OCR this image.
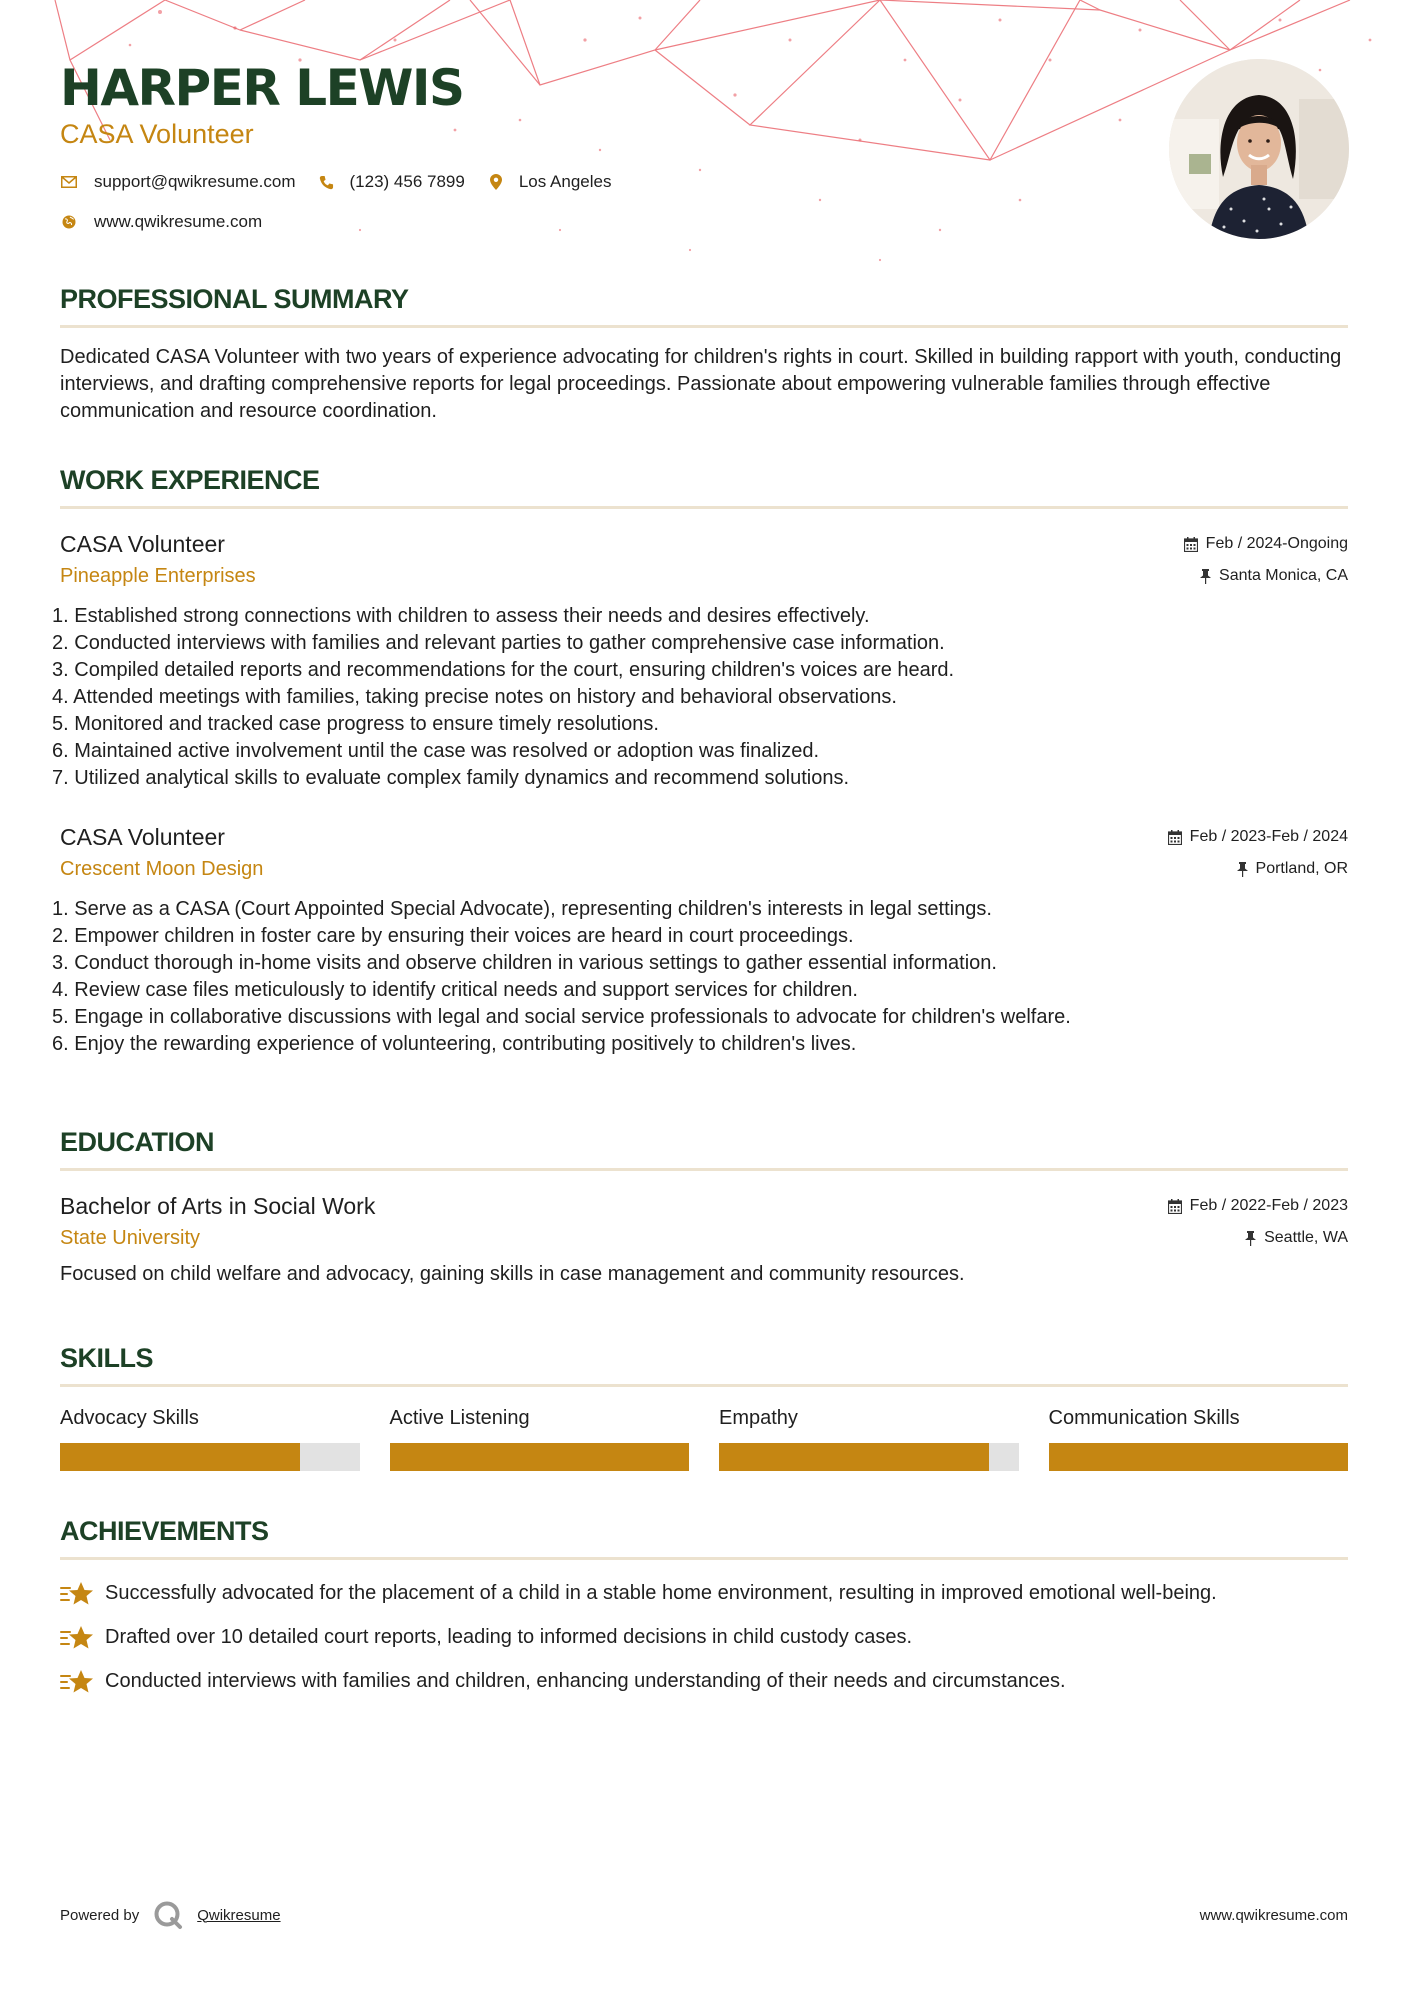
HARPER LEWIS
CASA Volunteer
support@qwikresume.com	(123) 456 7899	Los Angeles
www.qwikresume.com
PROFESSIONAL SUMMARY
Dedicated CASA Volunteer with two years of experience advocating for children's rights in court. Skilled in building rapport with youth, conducting interviews, and drafting comprehensive reports for legal proceedings. Passionate about empowering vulnerable families through effective communication and resource coordination.
WORK EXPERIENCE
CASA Volunteer
Pineapple Enterprises
Feb / 2024-Ongoing
Santa Monica, CA
Established strong connections with children to assess their needs and desires effectively.
Conducted interviews with families and relevant parties to gather comprehensive case information.
Compiled detailed reports and recommendations for the court, ensuring children's voices are heard.
Attended meetings with families, taking precise notes on history and behavioral observations.
Monitored and tracked case progress to ensure timely resolutions.
Maintained active involvement until the case was resolved or adoption was finalized.
Utilized analytical skills to evaluate complex family dynamics and recommend solutions.
CASA Volunteer
Crescent Moon Design
Feb / 2023-Feb / 2024
Portland, OR
Serve as a CASA (Court Appointed Special Advocate), representing children's interests in legal settings.
Empower children in foster care by ensuring their voices are heard in court proceedings.
Conduct thorough in-home visits and observe children in various settings to gather essential information.
Review case files meticulously to identify critical needs and support services for children.
Engage in collaborative discussions with legal and social service professionals to advocate for children's welfare.
Enjoy the rewarding experience of volunteering, contributing positively to children's lives.
EDUCATION
Bachelor of Arts in Social Work
State University
Feb / 2022-Feb / 2023
Seattle, WA
Focused on child welfare and advocacy, gaining skills in case management and community resources.
SKILLS
Advocacy Skills	Active Listening	Empathy	Communication Skills
ACHIEVEMENTS
Successfully advocated for the placement of a child in a stable home environment, resulting in improved emotional well-being.
Drafted over 10 detailed court reports, leading to informed decisions in child custody cases.
Conducted interviews with families and children, enhancing understanding of their needs and circumstances.
Powered by	Qwikresume	www.qwikresume.com
